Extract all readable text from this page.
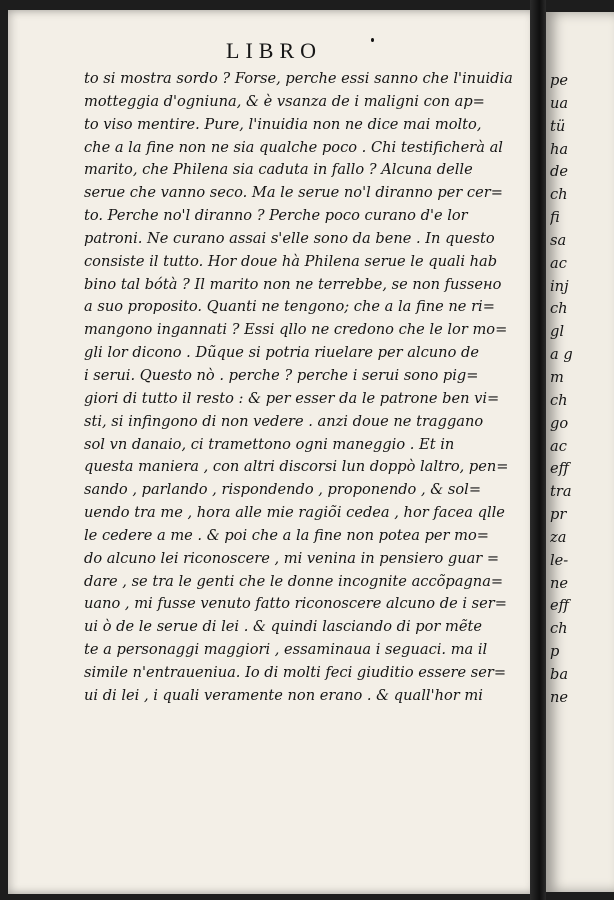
LIBRO
to si mostra sordo ? Forse, perche essi sanno che l'inuidia
motteggia d'ogniuna, & è vsanza de i maligni con ap=
to viso mentire. Pure, l'inuidia non ne dice mai molto,
che a la fine non ne sia qualche poco . Chi testificherà al
marito, che Philena sia caduta in fallo ? Alcuna delle
serue che vanno seco. Ma le serue no'l diranno per cer=
to. Perche no'l diranno ? Perche poco curano d'e lor
patroni. Ne curano assai s'elle sono da bene . In questo
consiste il tutto. Hor doue hà Philena serue le quali hab
bino tal bótà ? Il marito non ne terrebbe, se non fussено
a suo proposito. Quanti ne tengono; che a la fine ne ri=
mangono ingannati ? Essi qllo ne credono che le lor mo=
gli lor dicono . Dũque si potria riuelare per alcuno de
i serui. Questo nò . perche ? perche i serui sono pig=
giori di tutto il resto : & per esser da le patrone ben vi=
sti, si infingono di non vedere . anzi doue ne traggano
sol vn danaio, ci tramettono ogni maneggio . Et in
questa maniera , con altri discorsi lun doppò laltro, pen=
sando , parlando , rispondendo , proponendo , & sol=
uendo tra me , hora alle mie ragiõi cedea , hor facea qlle
le cedere a me . & poi che a la fine non potea per mo=
do alcuno lei riconoscere , mi venina in pensiero guar =
dare , se tra le genti che le donne incognite accõpagna=
uano , mi fusse venuto fatto riconoscere alcuno de i ser=
ui ò de le serue di lei . & quindi lasciando di por mẽte
te a personaggi maggiori , essaminaua i seguaci. ma il
simile n'entraueniua. Io di molti feci giuditio essere ser=
ui di lei , i quali veramente non erano . & quall'hor mi
pe
ua
tü
ha
de
ch
fi
sa
ac
inj
ch
gl
a g
m
ch
go
ac
eff
tra
pr
za
le-
ne
eff
ch
p
ba
ne
